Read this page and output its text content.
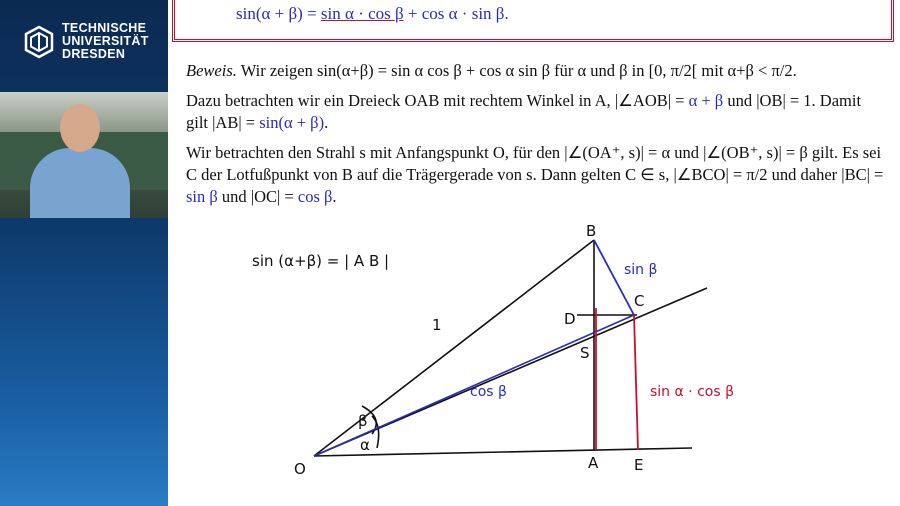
TECHNISCHE
UNIVERSITÄT
DRESDEN
sin(α + β) = sin α · cos β + cos α · sin β.

Beweis. Wir zeigen sin(α+β) = sin α cos β + cos α sin β für α und β in [0, π/2[ mit α+β < π/2.

Dazu betrachten wir ein Dreieck OAB mit rechtem Winkel in A, |∠AOB| = α + β und |OB| = 1. Damit gilt |AB| = sin(α + β).

Wir betrachten den Strahl s mit Anfangspunkt O, für den |∠(OA⁺, s)| = α und |∠(OB⁺, s)| = β gilt. Es sei C der Lotfußpunkt von B auf die Trägergerade von s. Dann gelten C ∈ s, |∠BCO| = π/2 und daher |BC| = sin β und |OC| = cos β.

sin (α+β) = | A B |
O	A E
B
C
D
S
1
α
β
sin β
cos β	sin α · cos β
